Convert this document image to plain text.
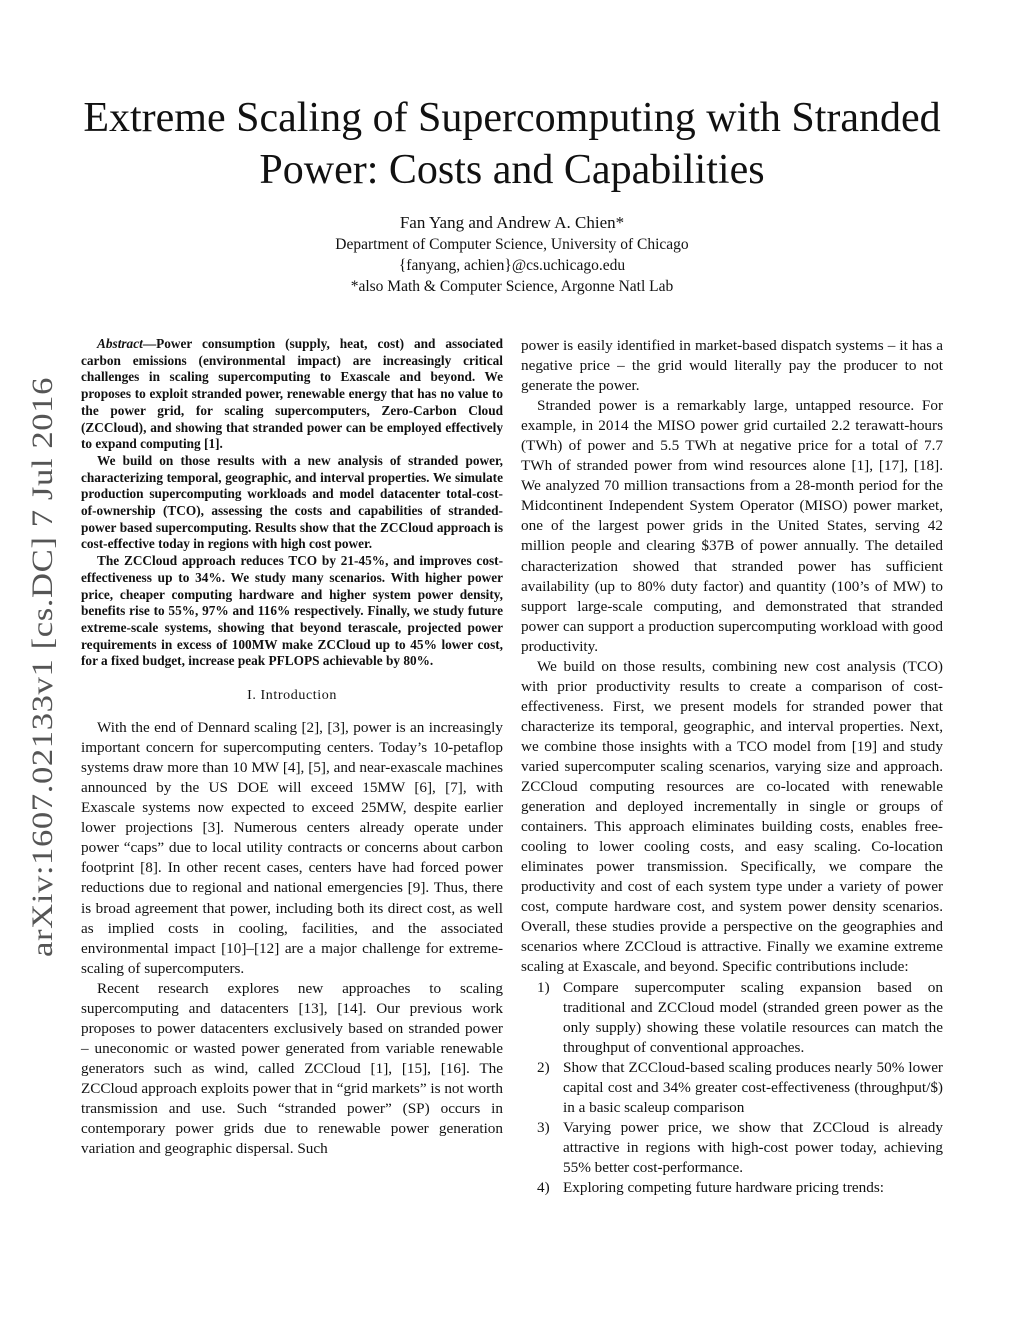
arXiv:1607.02133v1 [cs.DC] 7 Jul 2016
Extreme Scaling of Supercomputing with Stranded
Power: Costs and Capabilities
Fan Yang and Andrew A. Chien*
Department of Computer Science, University of Chicago
{fanyang, achien}@cs.uchicago.edu
*also Math & Computer Science, Argonne Natl Lab

Abstract—Power consumption (supply, heat, cost) and associated carbon emissions (environmental impact) are increasingly critical challenges in scaling supercomputing to Exascale and beyond. We proposes to exploit stranded power, renewable energy that has no value to the power grid, for scaling supercomputers, Zero-Carbon Cloud (ZCCloud), and showing that stranded power can be employed effectively to expand computing [1].

We build on those results with a new analysis of stranded power, characterizing temporal, geographic, and interval properties. We simulate production supercomputing workloads and model datacenter total-cost-of-ownership (TCO), assessing the costs and capabilities of stranded-power based supercomputing. Results show that the ZCCloud approach is cost-effective today in regions with high cost power.

The ZCCloud approach reduces TCO by 21-45%, and improves cost-effectiveness up to 34%. We study many scenarios. With higher power price, cheaper computing hardware and higher system power density, benefits rise to 55%, 97% and 116% respectively. Finally, we study future extreme-scale systems, showing that beyond terascale, projected power requirements in excess of 100MW make ZCCloud up to 45% lower cost, for a fixed budget, increase peak PFLOPS achievable by 80%.

I. Introduction

With the end of Dennard scaling [2], [3], power is an increasingly important concern for supercomputing centers. Today’s 10-petaflop systems draw more than 10 MW [4], [5], and near-exascale machines announced by the US DOE will exceed 15MW [6], [7], with Exascale systems now expected to exceed 25MW, despite earlier lower projections [3]. Numerous centers already operate under power “caps” due to local utility contracts or concerns about carbon footprint [8]. In other recent cases, centers have had forced power reductions due to regional and national emergencies [9]. Thus, there is broad agreement that power, including both its direct cost, as well as implied costs in cooling, facilities, and the associated environmental impact [10]–[12] are a major challenge for extreme-scaling of supercomputers.

Recent research explores new approaches to scaling supercomputing and datacenters [13], [14]. Our previous work proposes to power datacenters exclusively based on stranded power – uneconomic or wasted power generated from variable renewable generators such as wind, called ZCCloud [1], [15], [16]. The ZCCloud approach exploits power that in “grid markets” is not worth transmission and use. Such “stranded power” (SP) occurs in contemporary power grids due to renewable power generation variation and geographic dispersal. Such

power is easily identified in market-based dispatch systems – it has a negative price – the grid would literally pay the producer to not generate the power.

Stranded power is a remarkably large, untapped resource. For example, in 2014 the MISO power grid curtailed 2.2 terawatt-hours (TWh) of power and 5.5 TWh at negative price for a total of 7.7 TWh of stranded power from wind resources alone [1], [17], [18]. We analyzed 70 million transactions from a 28-month period for the Midcontinent Independent System Operator (MISO) power market, one of the largest power grids in the United States, serving 42 million people and clearing $37B of power annually. The detailed characterization showed that stranded power has sufficient availability (up to 80% duty factor) and quantity (100’s of MW) to support large-scale computing, and demonstrated that stranded power can support a production supercomputing workload with good productivity.

We build on those results, combining new cost analysis (TCO) with prior productivity results to create a comparison of cost-effectiveness. First, we present models for stranded power that characterize its temporal, geographic, and interval properties. Next, we combine those insights with a TCO model from [19] and study varied supercomputer scaling scenarios, varying size and approach. ZCCloud computing resources are co-located with renewable generation and deployed incrementally in single or groups of containers. This approach eliminates building costs, enables free-cooling to lower cooling costs, and easy scaling. Co-location eliminates power transmission. Specifically, we compare the productivity and cost of each system type under a variety of power cost, compute hardware cost, and system power density scenarios. Overall, these studies provide a perspective on the geographies and scenarios where ZCCloud is attractive. Finally we examine extreme scaling at Exascale, and beyond. Specific contributions include:

1) Compare supercomputer scaling expansion based on traditional and ZCCloud model (stranded green power as the only supply) showing these volatile resources can match the throughput of conventional approaches.
2) Show that ZCCloud-based scaling produces nearly 50% lower capital cost and 34% greater cost-effectiveness (throughput/$) in a basic scaleup comparison
3) Varying power price, we show that ZCCloud is already attractive in regions with high-cost power today, achieving 55% better cost-performance.
4) Exploring competing future hardware pricing trends:
